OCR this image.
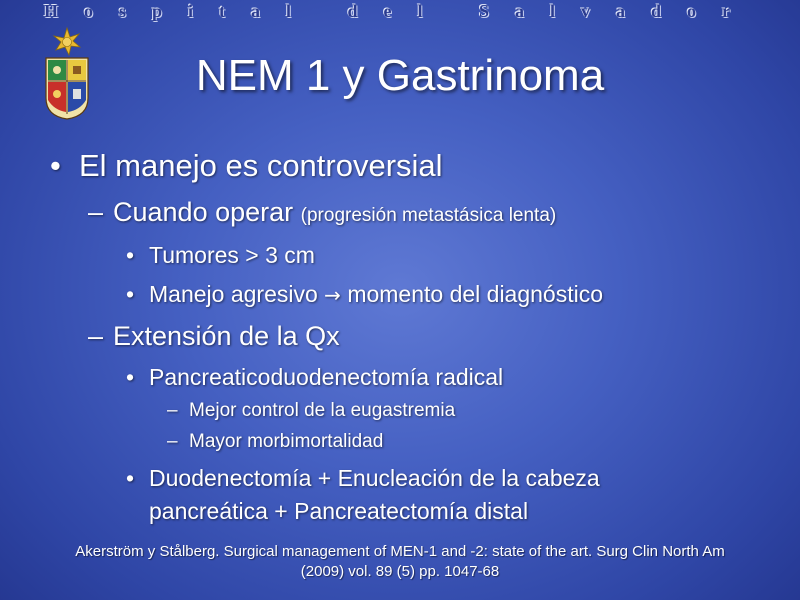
Hospital del Salvador
NEM 1 y Gastrinoma
• El manejo es controversial
– Cuando operar (progresión metastásica lenta)
• Tumores > 3 cm
• Manejo agresivo → momento del diagnóstico
– Extensión de la Qx
• Pancreaticoduodenectomía radical
– Mejor control de la eugastremia
– Mayor morbimortalidad
• Duodenectomía + Enucleación de la cabeza
pancreática + Pancreatectomía distal
Akerström y Stålberg. Surgical management of MEN-1 and -2: state of the art. Surg Clin North Am
(2009) vol. 89 (5) pp. 1047-68
